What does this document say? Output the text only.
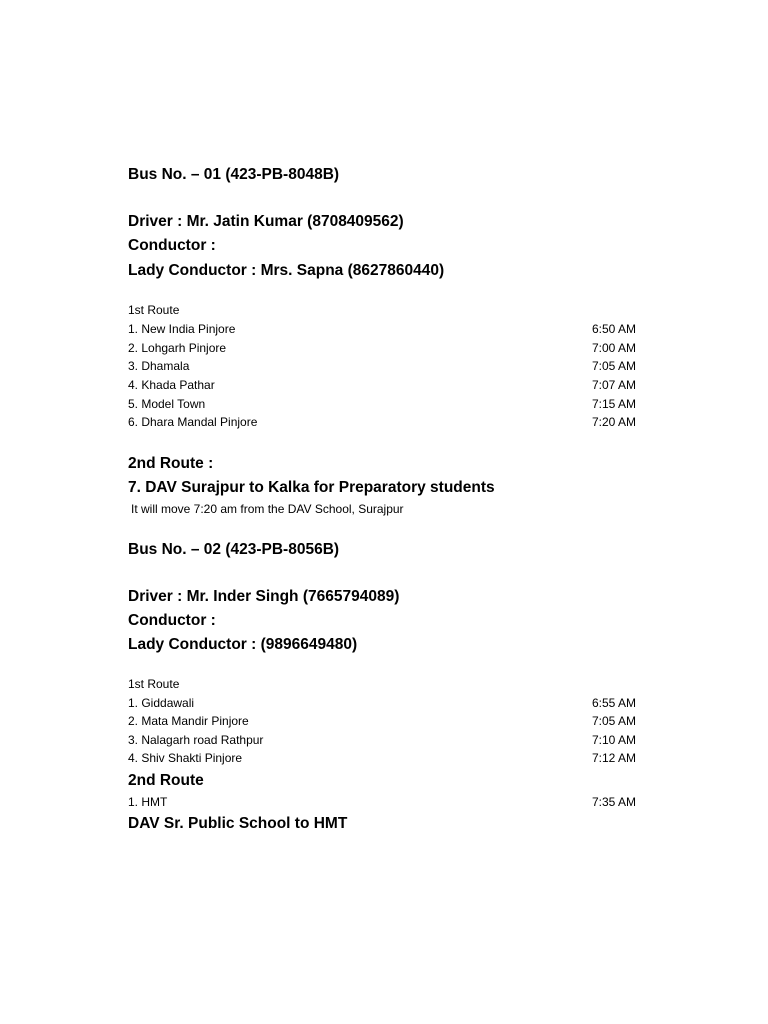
Bus No. – 01 (423-PB-8048B)
Driver : Mr. Jatin Kumar (8708409562)
Conductor :
Lady Conductor : Mrs. Sapna (8627860440)
1st Route
1. New India Pinjore	6:50 AM
2. Lohgarh Pinjore	7:00 AM
3. Dhamala	7:05 AM
4. Khada Pathar	7:07 AM
5. Model Town	7:15 AM
6. Dhara Mandal Pinjore	7:20 AM
2nd Route :
7. DAV Surajpur to Kalka for Preparatory students
It will move 7:20 am from the DAV School, Surajpur
Bus No. – 02 (423-PB-8056B)
Driver : Mr. Inder Singh (7665794089)
Conductor :
Lady Conductor : (9896649480)
1st Route
1. Giddawali	6:55 AM
2. Mata Mandir Pinjore	7:05 AM
3. Nalagarh road Rathpur	7:10 AM
4. Shiv Shakti Pinjore	7:12 AM
2nd Route
1. HMT	7:35 AM
DAV Sr. Public School to HMT
